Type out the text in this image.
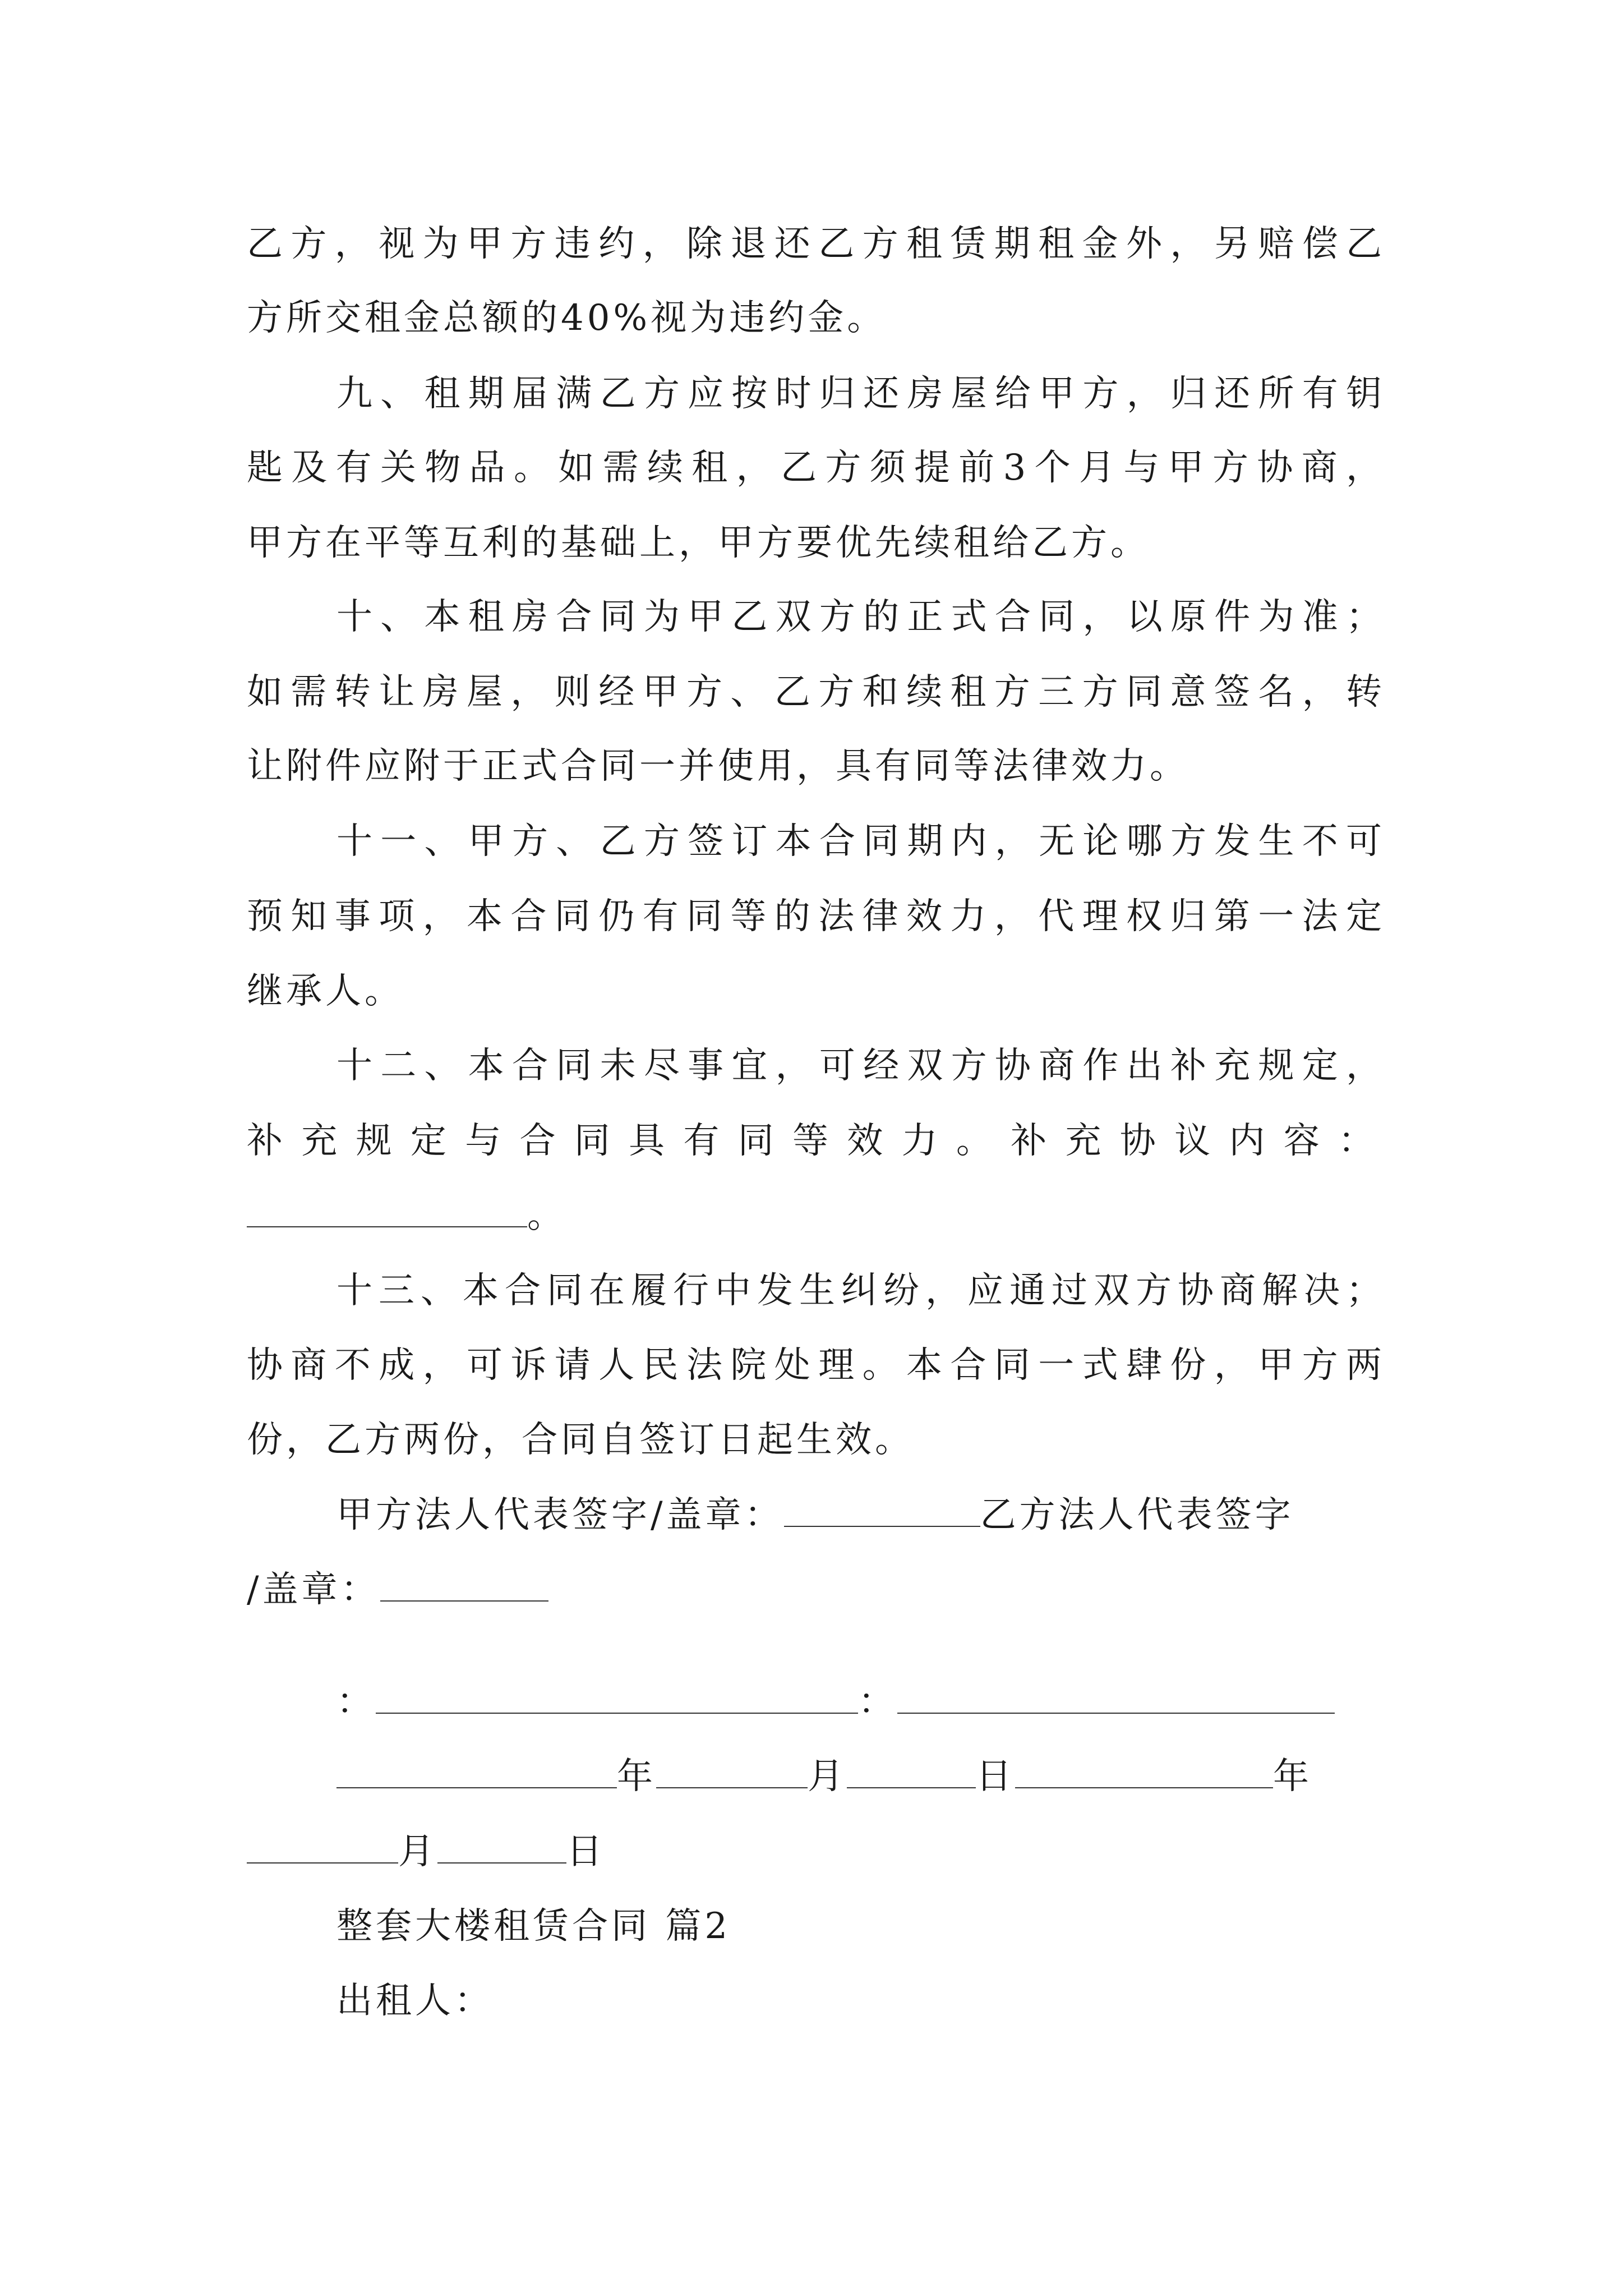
乙方，视为甲方违约，除退还乙方租赁期租金外，另赔偿乙
方所交租金总额的40%视为违约金。
九、租期届满乙方应按时归还房屋给甲方，归还所有钥
匙及有关物品。如需续租，乙方须提前3个月与甲方协商，
甲方在平等互利的基础上，甲方要优先续租给乙方。
十、本租房合同为甲乙双方的正式合同，以原件为准；
如需转让房屋，则经甲方、乙方和续租方三方同意签名，转
让附件应附于正式合同一并使用，具有同等法律效力。
十一、甲方、乙方签订本合同期内，无论哪方发生不可
预知事项，本合同仍有同等的法律效力，代理权归第一法定
继承人。
十二、本合同未尽事宜，可经双方协商作出补充规定，
补充规定与合同具有同等效力。补充协议内容：
。
十三、本合同在履行中发生纠纷，应通过双方协商解决；
协商不成，可诉请人民法院处理。本合同一式肆份，甲方两
份，乙方两份，合同自签订日起生效。
甲方法人代表签字/盖章：	乙方法人代表签字
/盖章：
：	：
年	月	日	年
月	日
整套大楼租赁合同 篇2
出租人：
